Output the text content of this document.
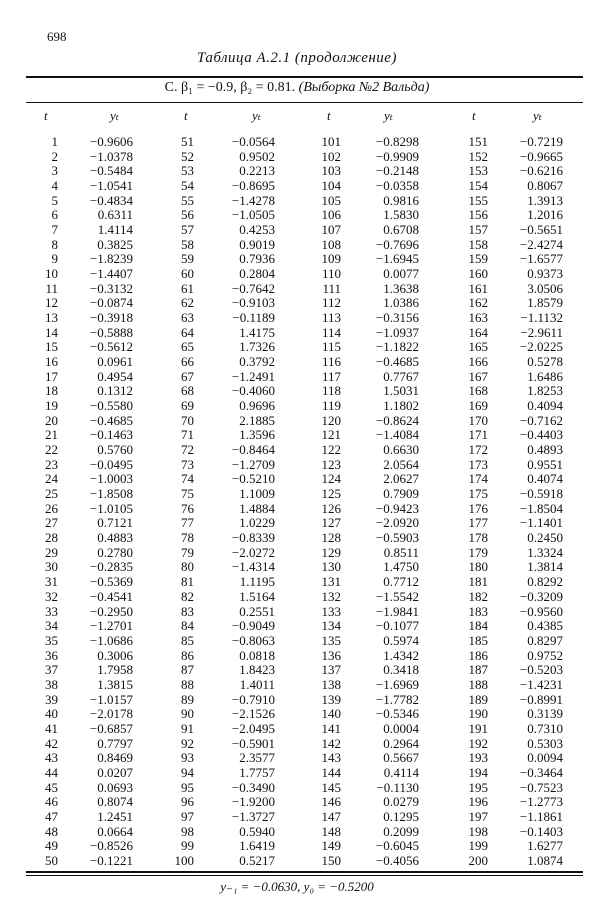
698
Таблица A.2.1 (продолжение)
C. β₁ = −0.9, β₂ = 0.81. (Выборка №2 Вальда)
t	yₜ	t	yₜ	t	yₜ	t	yₜ
1	−0.9606	51	−0.0564	101	−0.8298	151	−0.7219
2	−1.0378	52	0.9502	102	−0.9909	152	−0.9665
3	−0.5484	53	0.2213	103	−0.2148	153	−0.6216
4	−1.0541	54	−0.8695	104	−0.0358	154	0.8067
5	−0.4834	55	−1.4278	105	0.9816	155	1.3913
6	0.6311	56	−1.0505	106	1.5830	156	1.2016
7	1.4114	57	0.4253	107	0.6708	157	−0.5651
8	0.3825	58	0.9019	108	−0.7696	158	−2.4274
9	−1.8239	59	0.7936	109	−1.6945	159	−1.6577
10	−1.4407	60	0.2804	110	0.0077	160	0.9373
11	−0.3132	61	−0.7642	111	1.3638	161	3.0506
12	−0.0874	62	−0.9103	112	1.0386	162	1.8579
13	−0.3918	63	−0.1189	113	−0.3156	163	−1.1132
14	−0.5888	64	1.4175	114	−1.0937	164	−2.9611
15	−0.5612	65	1.7326	115	−1.1822	165	−2.0225
16	0.0961	66	0.3792	116	−0.4685	166	0.5278
17	0.4954	67	−1.2491	117	0.7767	167	1.6486
18	0.1312	68	−0.4060	118	1.5031	168	1.8253
19	−0.5580	69	0.9696	119	1.1802	169	0.4094
20	−0.4685	70	2.1885	120	−0.8624	170	−0.7162
21	−0.1463	71	1.3596	121	−1.4084	171	−0.4403
22	0.5760	72	−0.8464	122	0.6630	172	0.4893
23	−0.0495	73	−1.2709	123	2.0564	173	0.9551
24	−1.0003	74	−0.5210	124	2.0627	174	0.4074
25	−1.8508	75	1.1009	125	0.7909	175	−0.5918
26	−1.0105	76	1.4884	126	−0.9423	176	−1.8504
27	0.7121	77	1.0229	127	−2.0920	177	−1.1401
28	0.4883	78	−0.8339	128	−0.5903	178	0.2450
29	0.2780	79	−2.0272	129	0.8511	179	1.3324
30	−0.2835	80	−1.4314	130	1.4750	180	1.3814
31	−0.5369	81	1.1195	131	0.7712	181	0.8292
32	−0.4541	82	1.5164	132	−1.5542	182	−0.3209
33	−0.2950	83	0.2551	133	−1.9841	183	−0.9560
34	−1.2701	84	−0.9049	134	−0.1077	184	0.4385
35	−1.0686	85	−0.8063	135	0.5974	185	0.8297
36	0.3006	86	0.0818	136	1.4342	186	0.9752
37	1.7958	87	1.8423	137	0.3418	187	−0.5203
38	1.3815	88	1.4011	138	−1.6969	188	−1.4231
39	−1.0157	89	−0.7910	139	−1.7782	189	−0.8991
40	−2.0178	90	−2.1526	140	−0.5346	190	0.3139
41	−0.6857	91	−2.0495	141	0.0004	191	0.7310
42	0.7797	92	−0.5901	142	0.2964	192	0.5303
43	0.8469	93	2.3577	143	0.5667	193	0.0094
44	0.0207	94	1.7757	144	0.4114	194	−0.3464
45	0.0693	95	−0.3490	145	−0.1130	195	−0.7523
46	0.8074	96	−1.9200	146	0.0279	196	−1.2773
47	1.2451	97	−1.3727	147	0.1295	197	−1.1861
48	0.0664	98	0.5940	148	0.2099	198	−0.1403
49	−0.8526	99	1.6419	149	−0.6045	199	1.6277
50	−0.1221	100	0.5217	150	−0.4056	200	1.0874
y₋₁ = −0.0630, y₀ = −0.5200
